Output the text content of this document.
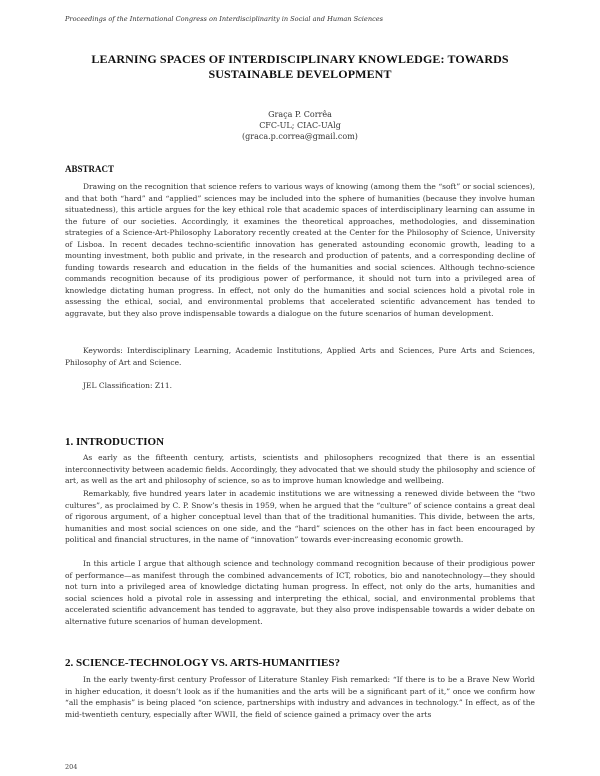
Proceedings of the International Congress on Interdisciplinarity in Social and Human Sciences
LEARNING SPACES OF INTERDISCIPLINARY KNOWLEDGE: TOWARDS
SUSTAINABLE DEVELOPMENT
Graça P. Corrêa
CFC-UL; CIAC-UAlg
(graca.p.correa@gmail.com)
ABSTRACT

Drawing on the recognition that science refers to various ways of knowing (among them the “soft” or social sciences), and that both “hard” and “applied” sciences may be included into the sphere of humanities (because they involve human situatedness), this article argues for the key ethical role that academic spaces of interdisciplinary learning can assume in the future of our societies. Accordingly, it examines the theoretical approaches, methodologies, and dissemination strategies of a Science-Art-Philosophy Laboratory recently created at the Center for the Philosophy of Science, University of Lisboa. In recent decades techno-scientific innovation has generated astounding economic growth, leading to a mounting investment, both public and private, in the research and production of patents, and a corresponding decline of funding towards research and education in the fields of the humanities and social sciences. Although techno-science commands recognition because of its prodigious power of performance, it should not turn into a privileged area of knowledge dictating human progress. In effect, not only do the humanities and social sciences hold a pivotal role in assessing the ethical, social, and environmental problems that accelerated scientific advancement has tended to aggravate, but they also prove indispensable towards a dialogue on the future scenarios of human development.

Keywords: Interdisciplinary Learning, Academic Institutions, Applied Arts and Sciences, Pure Arts and Sciences, Philosophy of Art and Science.

JEL Classification: Z11.

1. INTRODUCTION

As early as the fifteenth century, artists, scientists and philosophers recognized that there is an essential interconnectivity between academic fields. Accordingly, they advocated that we should study the philosophy and science of art, as well as the art and philosophy of science, so as to improve human knowledge and wellbeing.

Remarkably, five hundred years later in academic institutions we are witnessing a renewed divide between the “two cultures”, as proclaimed by C. P. Snow’s thesis in 1959, when he argued that the “culture” of science contains a great deal of rigorous argument, of a higher conceptual level than that of the traditional humanities. This divide, between the arts, humanities and most social sciences on one side, and the “hard” sciences on the other has in fact been encouraged by political and financial structures, in the name of “innovation” towards ever-increasing economic growth.

In this article I argue that although science and technology command recognition because of their prodigious power of performance—as manifest through the combined advancements of ICT, robotics, bio and nanotechnology—they should not turn into a privileged area of knowledge dictating human progress. In effect, not only do the arts, humanities and social sciences hold a pivotal role in assessing and interpreting the ethical, social, and environmental problems that accelerated scientific advancement has tended to aggravate, but they also prove indispensable towards a wider debate on alternative future scenarios of human development.

2. SCIENCE-TECHNOLOGY VS. ARTS-HUMANITIES?

In the early twenty-first century Professor of Literature Stanley Fish remarked: “If there is to be a Brave New World in higher education, it doesn’t look as if the humanities and the arts will be a significant part of it,” once we confirm how “all the emphasis” is being placed “on science, partnerships with industry and advances in technology.” In effect, as of the mid-twentieth century, especially after WWII, the field of science gained a primacy over the arts

204
